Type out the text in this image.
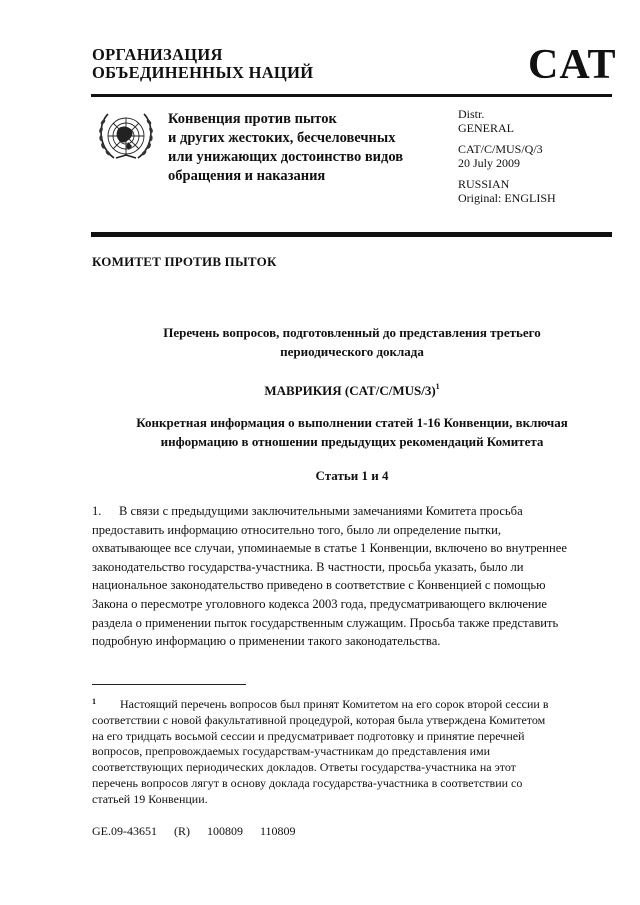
ОРГАНИЗАЦИЯ
ОБЪЕДИНЕННЫХ НАЦИЙ	CAT
Конвенция против пыток
и других жестоких, бесчеловечных
или унижающих достоинство видов
обращения и наказания
Distr.
GENERAL
CAT/C/MUS/Q/3
20 July 2009
RUSSIAN
Original: ENGLISH
КОМИТЕТ ПРОТИВ ПЫТОК
Перечень вопросов, подготовленный до представления третьего
периодического доклада
МАВРИКИЯ $(CAT/C/MUS/3)^1$
Конкретная информация о выполнении статей 1-16 Конвенции, включая
информацию в отношении предыдущих рекомендаций Комитета
Статьи 1 и 4
1. В связи с предыдущими заключительными замечаниями Комитета просьба
предоставить информацию относительно того, было ли определение пытки,
охватывающее все случаи, упоминаемые в статье 1 Конвенции, включено во внутреннее
законодательство государства-участника. В частности, просьба указать, было ли
национальное законодательство приведено в соответствие с Конвенцией с помощью
Закона о пересмотре уголовного кодекса 2003 года, предусматривающего включение
раздела о применении пыток государственным служащим. Просьба также представить
подробную информацию о применении такого законодательства.
1 Настоящий перечень вопросов был принят Комитетом на его сорок второй сессии в
соответствии с новой факультативной процедурой, которая была утверждена Комитетом
на его тридцать восьмой сессии и предусматривает подготовку и принятие перечней
вопросов, препровождаемых государствам-участникам до представления ими
соответствующих периодических докладов. Ответы государства-участника на этот
перечень вопросов лягут в основу доклада государства-участника в соответствии со
статьей 19 Конвенции.
GE.09-43651 (R) 100809 110809
